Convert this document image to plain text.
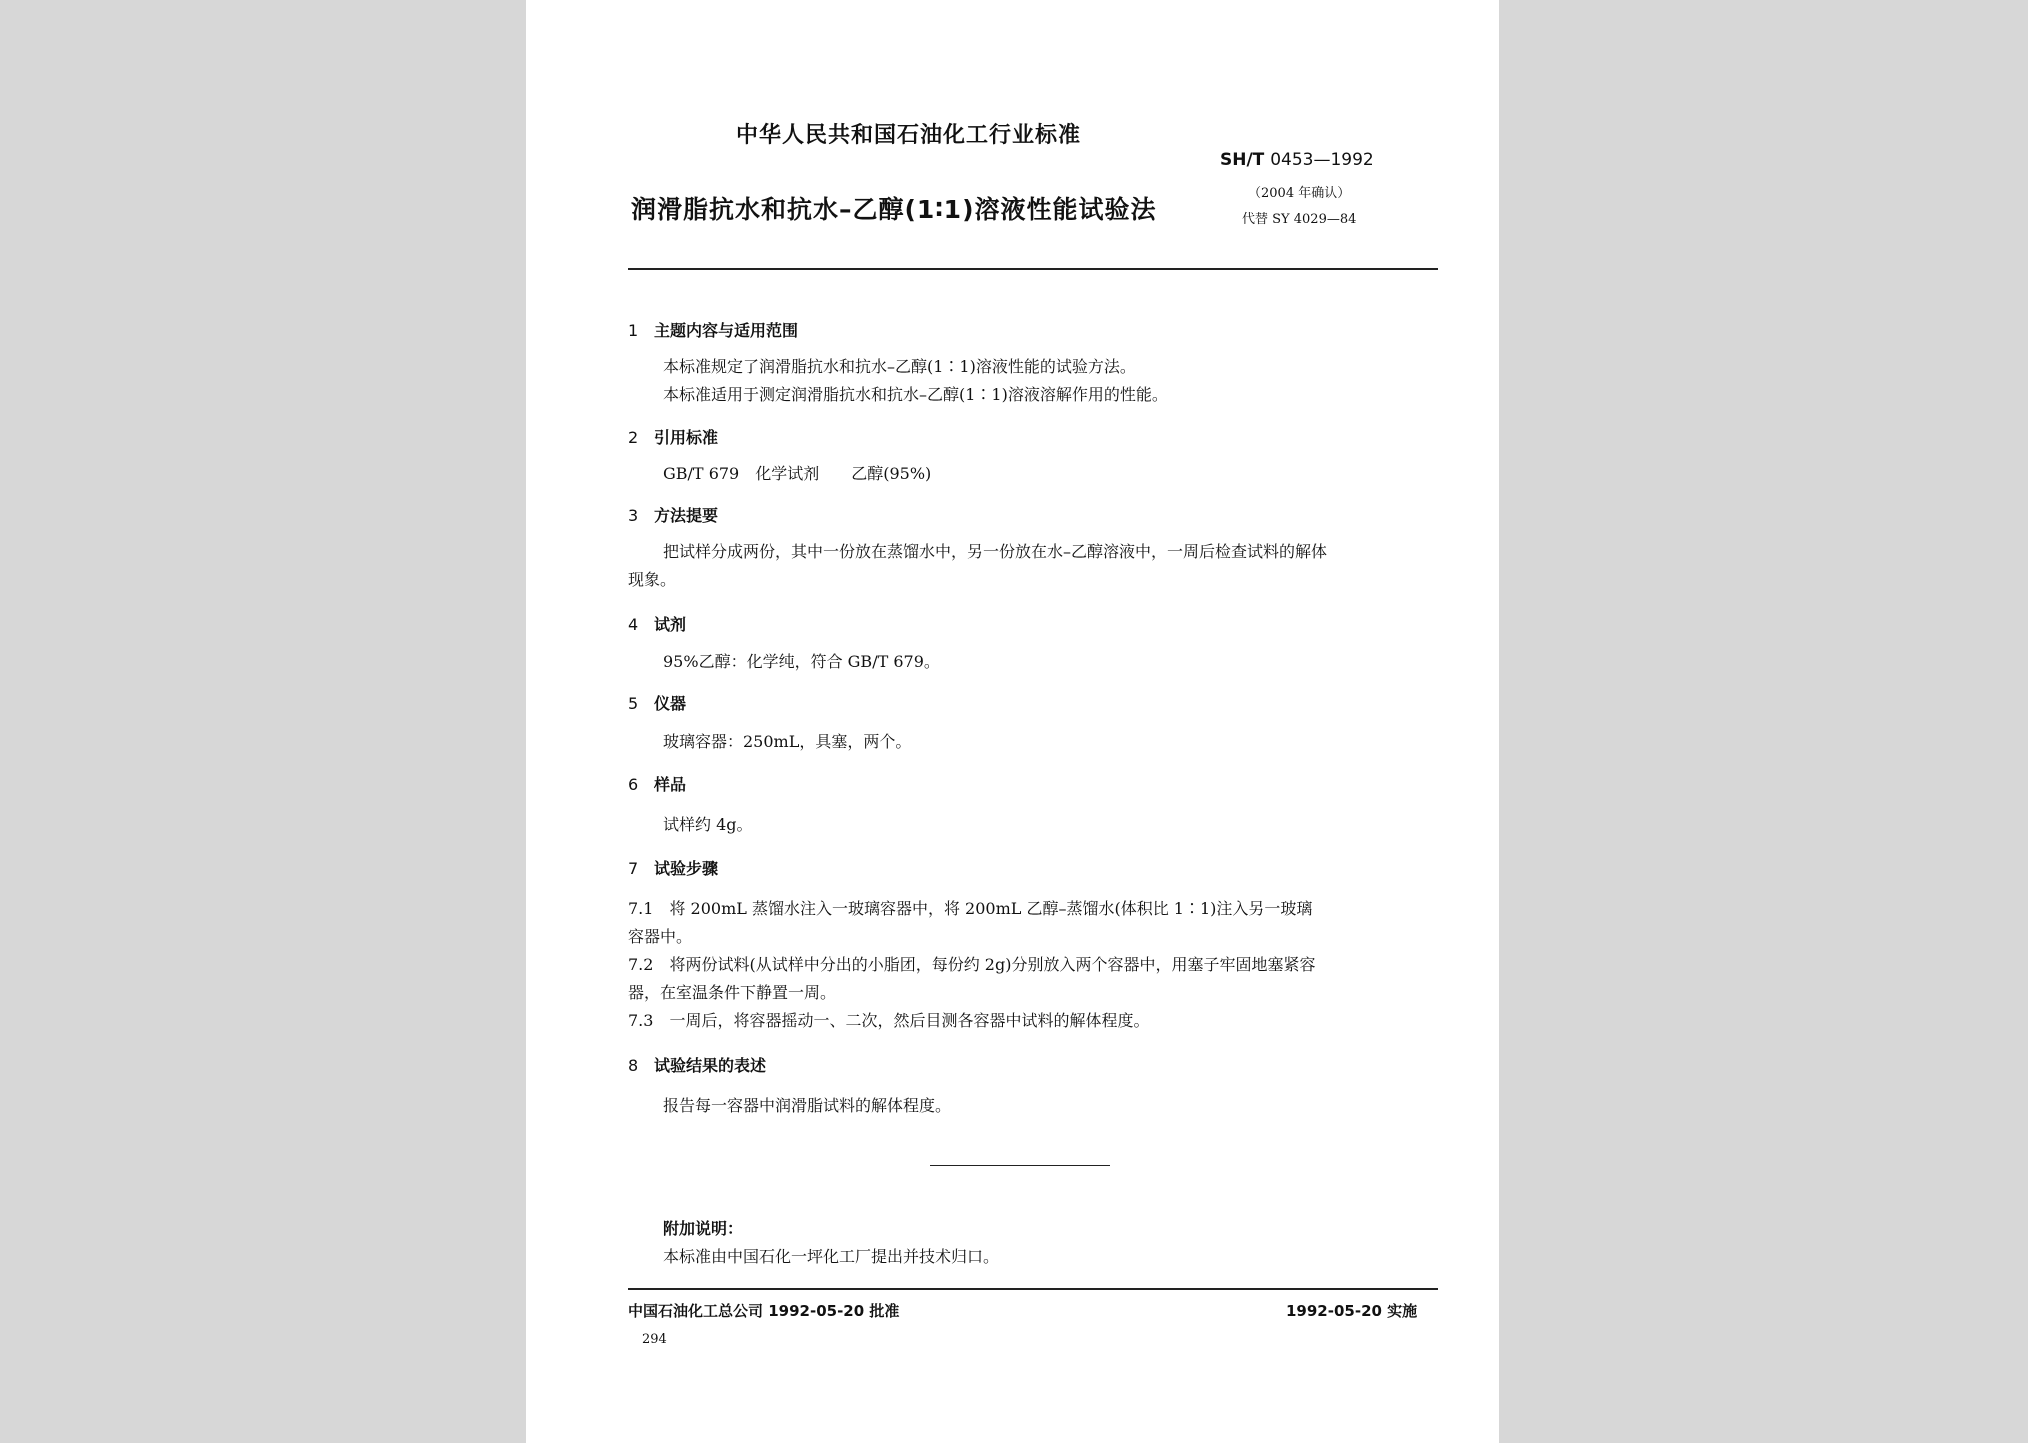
中华人民共和国石油化工行业标准
SH/T 0453—1992
（2004 年确认）
代替 SY 4029—84
润滑脂抗水和抗水–乙醇(1∶1)溶液性能试验法
1 主题内容与适用范围
本标准规定了润滑脂抗水和抗水–乙醇(1∶1)溶液性能的试验方法。
本标准适用于测定润滑脂抗水和抗水–乙醇(1∶1)溶液溶解作用的性能。
2 引用标准
GB/T 679　化学试剂　　乙醇(95%)
3 方法提要
把试样分成两份，其中一份放在蒸馏水中，另一份放在水–乙醇溶液中，一周后检查试料的解体
现象。
4 试剂
95%乙醇：化学纯，符合 GB/T 679。
5 仪器
玻璃容器：250mL，具塞，两个。
6 样品
试样约 4g。
7 试验步骤
7.1　将 200mL 蒸馏水注入一玻璃容器中，将 200mL 乙醇–蒸馏水(体积比 1∶1)注入另一玻璃
容器中。
7.2　将两份试料(从试样中分出的小脂团，每份约 2g)分别放入两个容器中，用塞子牢固地塞紧容
器，在室温条件下静置一周。
7.3　一周后，将容器摇动一、二次，然后目测各容器中试料的解体程度。
8 试验结果的表述
报告每一容器中润滑脂试料的解体程度。
附加说明：
本标准由中国石化一坪化工厂提出并技术归口。
中国石油化工总公司 1992-05-20 批准	1992-05-20 实施
294
